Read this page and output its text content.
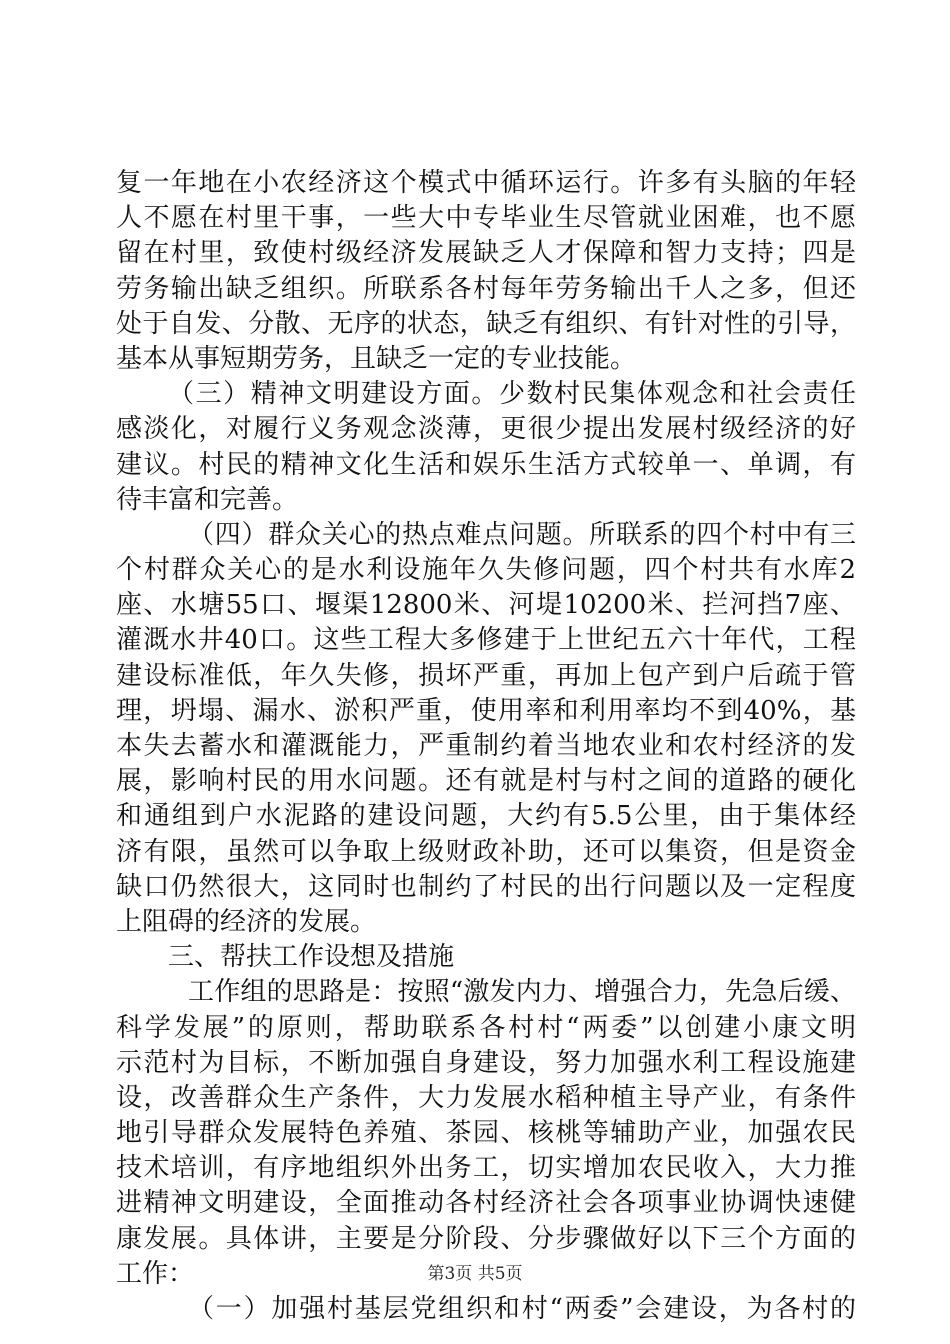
复一年地在小农经济这个模式中循环运行。许多有头脑的年轻
人不愿在村里干事，一些大中专毕业生尽管就业困难，也不愿
留在村里，致使村级经济发展缺乏人才保障和智力支持；四是
劳务输出缺乏组织。所联系各村每年劳务输出千人之多，但还
处于自发、分散、无序的状态，缺乏有组织、有针对性的引导，
基本从事短期劳务，且缺乏一定的专业技能。
（三）精神文明建设方面。少数村民集体观念和社会责任
感淡化，对履行义务观念淡薄，更很少提出发展村级经济的好
建议。村民的精神文化生活和娱乐生活方式较单一、单调，有
待丰富和完善。
（四）群众关心的热点难点问题。所联系的四个村中有三
个村群众关心的是水利设施年久失修问题，四个村共有水库2
座、水塘55口、堰渠12800米、河堤10200米、拦河挡7座、
灌溉水井40口。这些工程大多修建于上世纪五六十年代，工程
建设标准低，年久失修，损坏严重，再加上包产到户后疏于管
理，坍塌、漏水、淤积严重，使用率和利用率均不到40%，基
本失去蓄水和灌溉能力，严重制约着当地农业和农村经济的发
展，影响村民的用水问题。还有就是村与村之间的道路的硬化
和通组到户水泥路的建设问题，大约有5.5公里，由于集体经
济有限，虽然可以争取上级财政补助，还可以集资，但是资金
缺口仍然很大，这同时也制约了村民的出行问题以及一定程度
上阻碍的经济的发展。
三、帮扶工作设想及措施
工作组的思路是：按照“激发内力、增强合力，先急后缓、
科学发展”的原则，帮助联系各村村“两委”以创建小康文明
示范村为目标，不断加强自身建设，努力加强水利工程设施建
设，改善群众生产条件，大力发展水稻种植主导产业，有条件
地引导群众发展特色养殖、茶园、核桃等辅助产业，加强农民
技术培训，有序地组织外出务工，切实增加农民收入，大力推
进精神文明建设，全面推动各村经济社会各项事业协调快速健
康发展。具体讲，主要是分阶段、分步骤做好以下三个方面的
工作：
（一）加强村基层党组织和村“两委”会建设，为各村的
第3页 共5页
